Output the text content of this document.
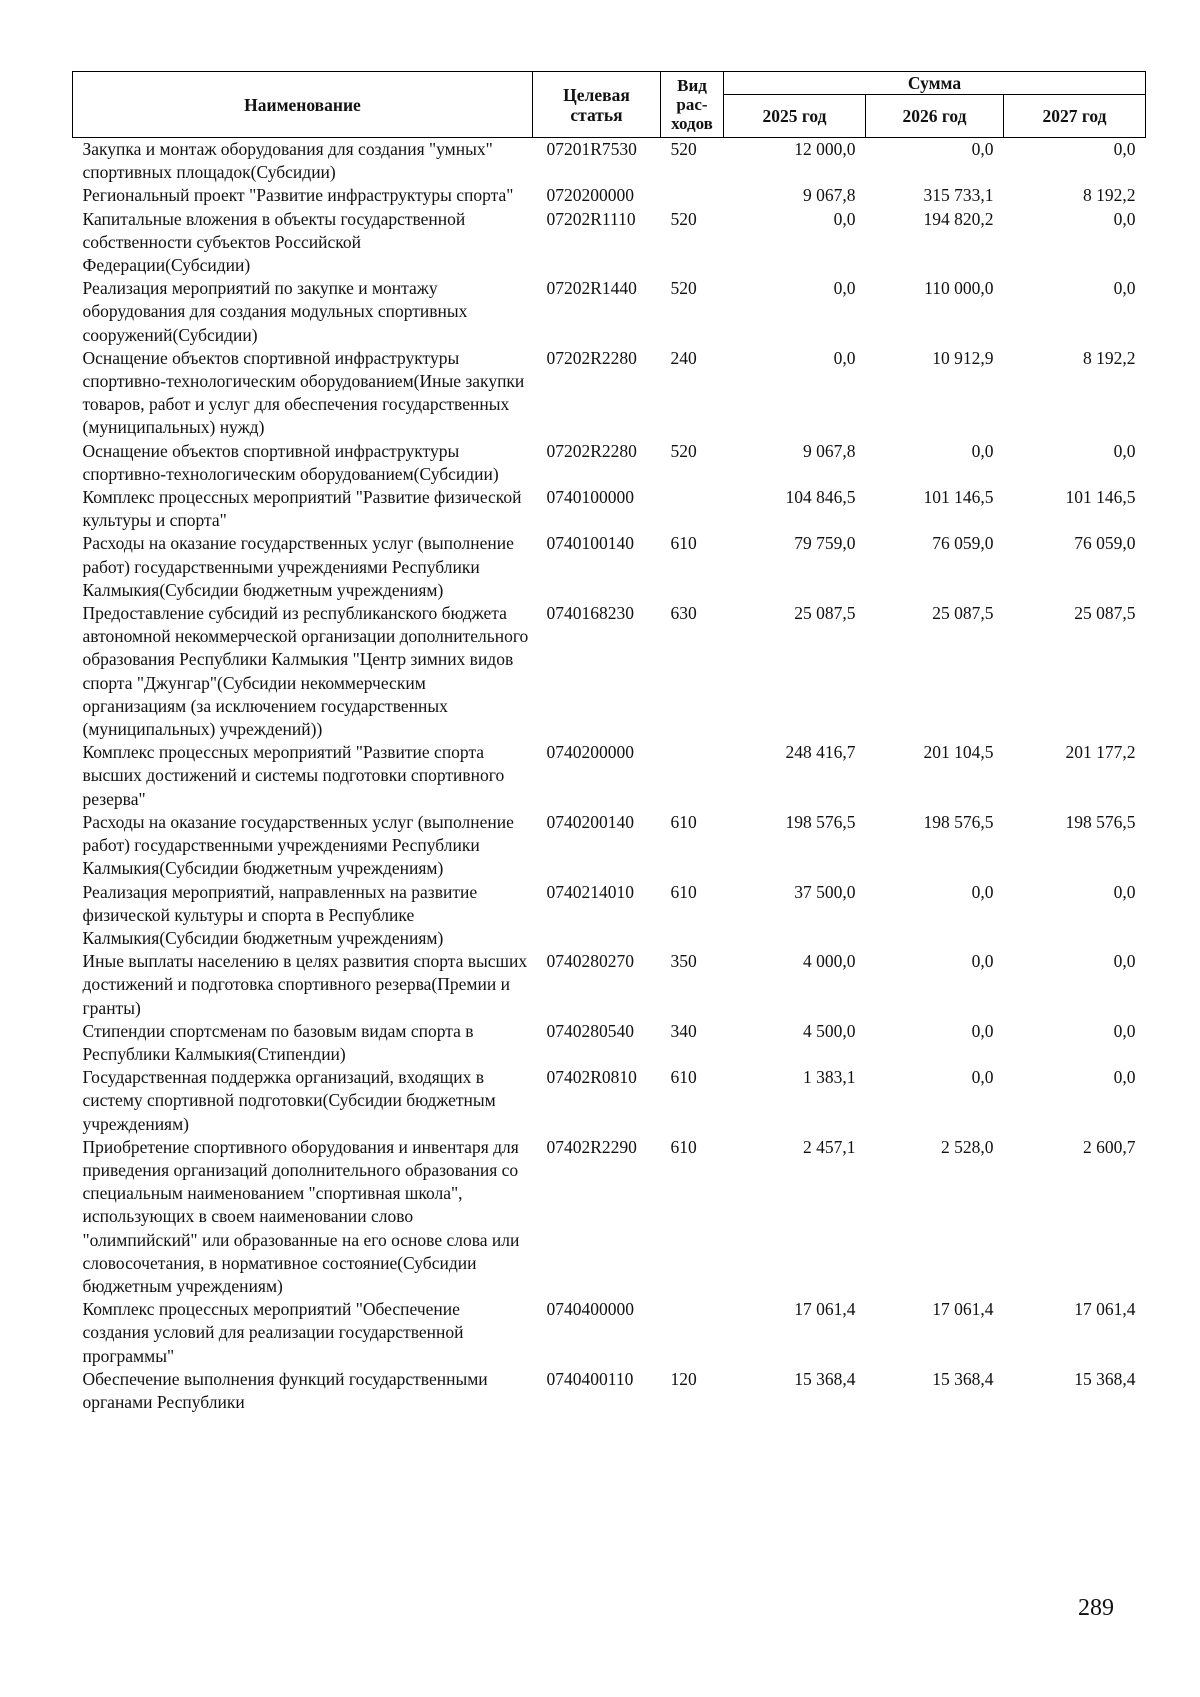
Наименование	Целевая статья	Вид рас-ходов	Сумма		
			2025 год	2026 год	2027 год
Закупка и монтаж оборудования для создания "умных" спортивных площадок(Субсидии)	07201R7530	520	12 000,0	0,0	0,0
Региональный проект "Развитие инфраструктуры спорта"	0720200000		9 067,8	315 733,1	8 192,2
Капитальные вложения в объекты государственной собственности субъектов Российской Федерации(Субсидии)	07202R1110	520	0,0	194 820,2	0,0
Реализация мероприятий по закупке и монтажу оборудования для создания модульных спортивных сооружений(Субсидии)	07202R1440	520	0,0	110 000,0	0,0
Оснащение объектов спортивной инфраструктуры спортивно-технологическим оборудованием(Иные закупки товаров, работ и услуг для обеспечения государственных (муниципальных) нужд)	07202R2280	240	0,0	10 912,9	8 192,2
Оснащение объектов спортивной инфраструктуры спортивно-технологическим оборудованием(Субсидии)	07202R2280	520	9 067,8	0,0	0,0
Комплекс процессных мероприятий "Развитие физической культуры и спорта"	0740100000		104 846,5	101 146,5	101 146,5
Расходы на оказание государственных услуг (выполнение работ) государственными учреждениями Республики Калмыкия(Субсидии бюджетным учреждениям)	0740100140	610	79 759,0	76 059,0	76 059,0
Предоставление субсидий из республиканского бюджета автономной некоммерческой организации дополнительного образования Республики Калмыкия "Центр зимних видов спорта "Джунгар"(Субсидии некоммерческим организациям (за исключением государственных (муниципальных) учреждений))	0740168230	630	25 087,5	25 087,5	25 087,5
Комплекс процессных мероприятий "Развитие спорта высших достижений и системы подготовки спортивного резерва"	0740200000		248 416,7	201 104,5	201 177,2
Расходы на оказание государственных услуг (выполнение работ) государственными учреждениями Республики Калмыкия(Субсидии бюджетным учреждениям)	0740200140	610	198 576,5	198 576,5	198 576,5
Реализация мероприятий, направленных на развитие физической культуры и спорта в Республике Калмыкия(Субсидии бюджетным учреждениям)	0740214010	610	37 500,0	0,0	0,0
Иные выплаты населению в целях развития спорта высших достижений и подготовка спортивного резерва(Премии и гранты)	0740280270	350	4 000,0	0,0	0,0
Стипендии спортсменам по базовым видам спорта в Республики Калмыкия(Стипендии)	0740280540	340	4 500,0	0,0	0,0
Государственная поддержка организаций, входящих в систему спортивной подготовки(Субсидии бюджетным учреждениям)	07402R0810	610	1 383,1	0,0	0,0
Приобретение спортивного оборудования и инвентаря для приведения организаций дополнительного образования со специальным наименованием "спортивная школа", использующих в своем наименовании слово "олимпийский" или образованные на его основе слова или словосочетания, в нормативное состояние(Субсидии бюджетным учреждениям)	07402R2290	610	2 457,1	2 528,0	2 600,7
Комплекс процессных мероприятий "Обеспечение создания условий для реализации государственной программы"	0740400000		17 061,4	17 061,4	17 061,4
Обеспечение выполнения функций государственными органами Республики	0740400110	120	15 368,4	15 368,4	15 368,4
289
